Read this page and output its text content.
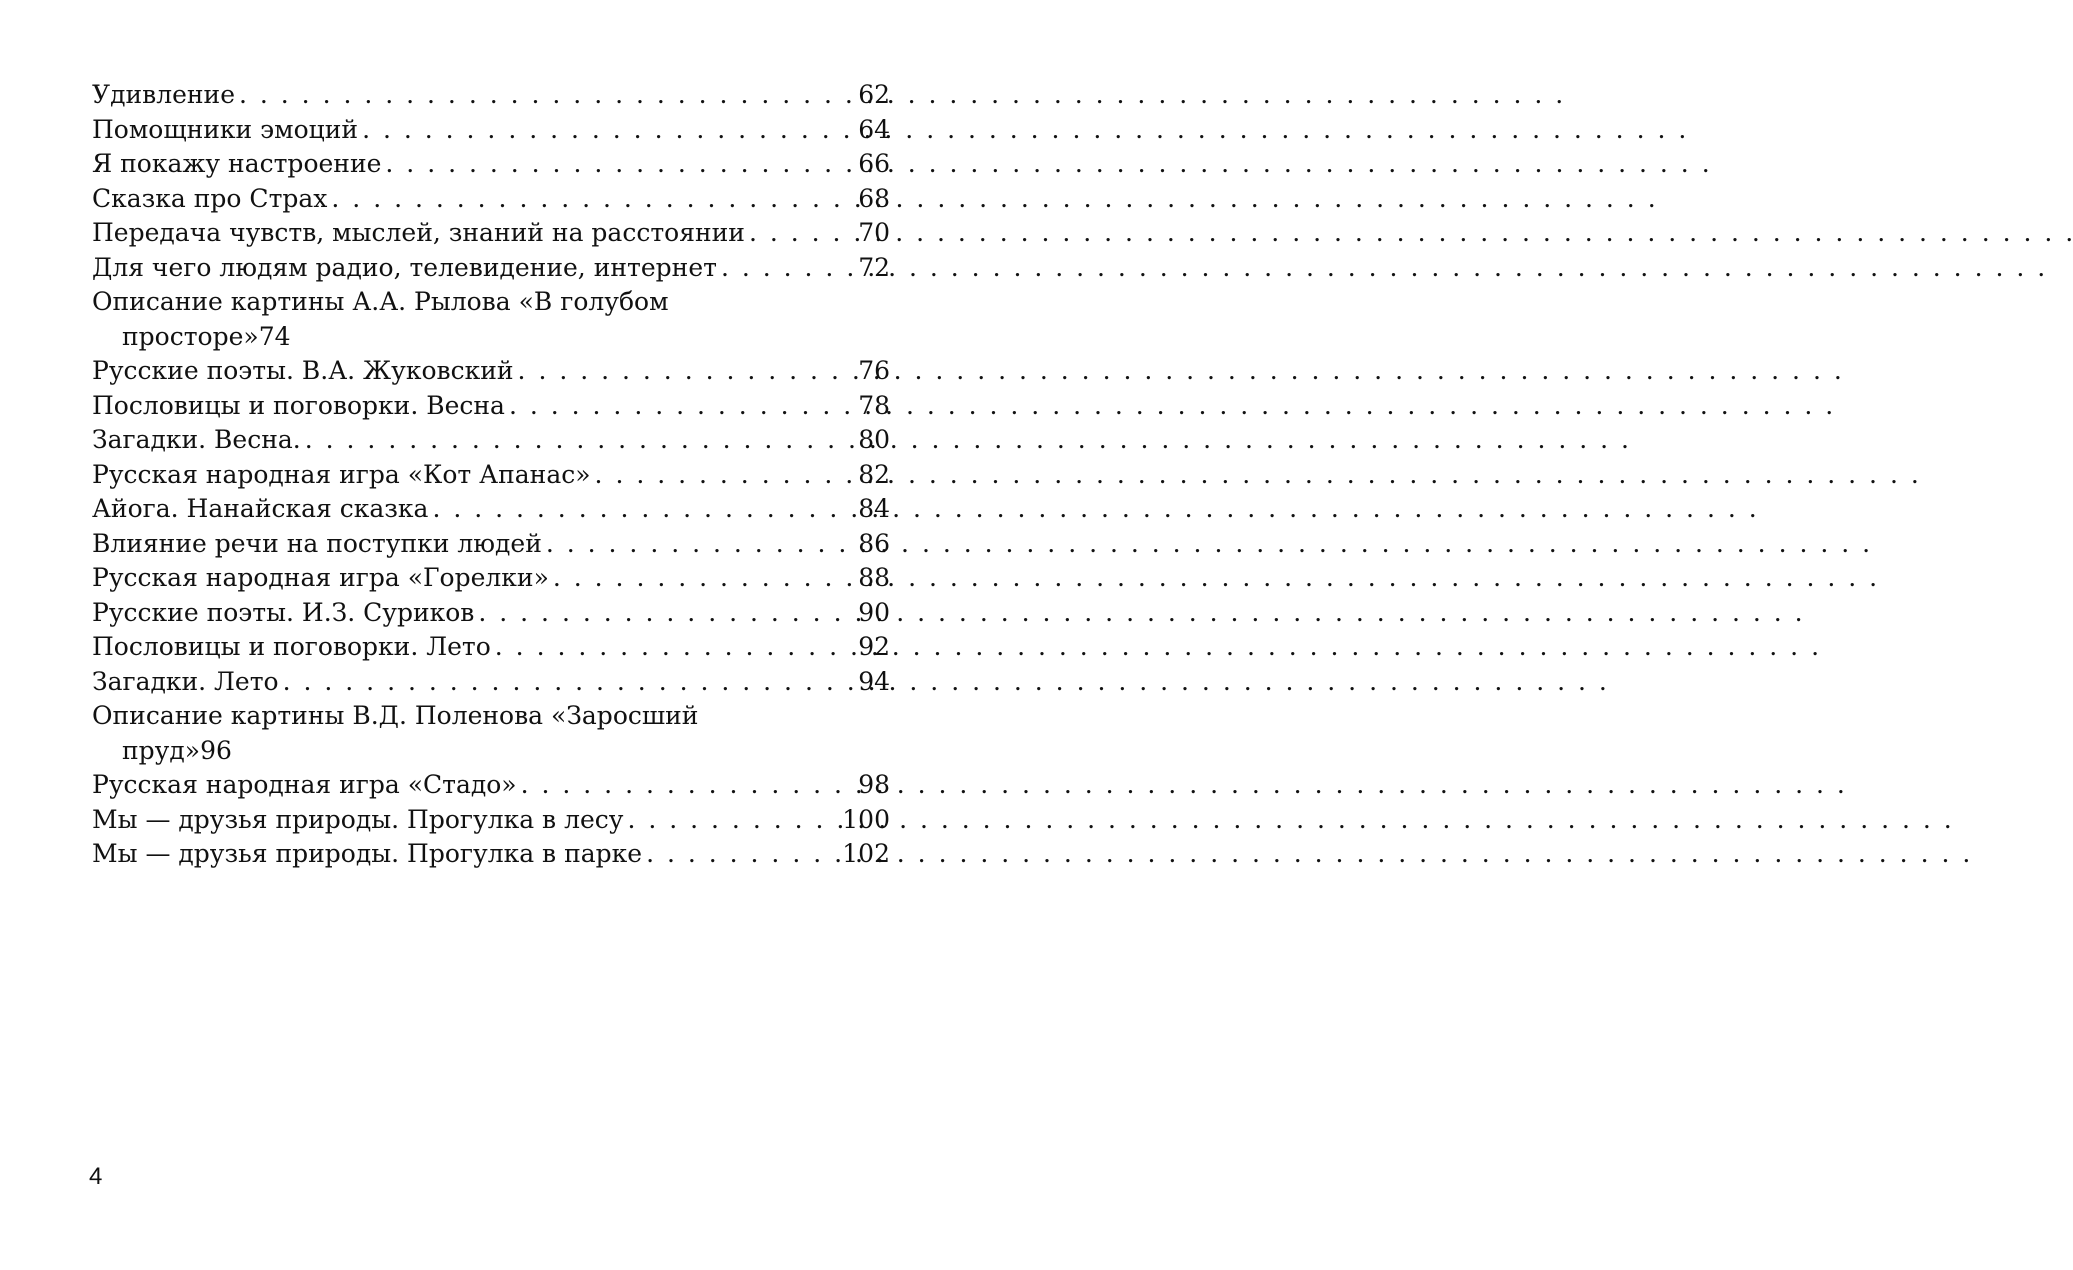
Удивление . . .	62
Помощники эмоций . . .	64
Я покажу настроение . . .	66
Сказка про Страх . . .	68
Передача чувств, мыслей, знаний на расстоянии . . .	70
Для чего людям радио, телевидение, интернет . . .	72
Описание картины А.А. Рылова «В голубом
просторе» 74
Русские поэты. В.А. Жуковский . . .	76
Пословицы и поговорки. Весна . . .	78
Загадки. Весна. . . .	80
Русская народная игра «Кот Апанас» . . .	82
Айога. Нанайская сказка . . .	84
Влияние речи на поступки людей . . .	86
Русская народная игра «Горелки» . . .	88
Русские поэты. И.З. Суриков . . .	90
Пословицы и поговорки. Лето . . .	92
Загадки. Лето . . .	94
Описание картины В.Д. Поленова «Заросший
пруд» 96
Русская народная игра «Стадо» . . .	98
Мы — друзья природы. Прогулка в лесу . . .	100
Мы — друзья природы. Прогулка в парке . . .	102
4
